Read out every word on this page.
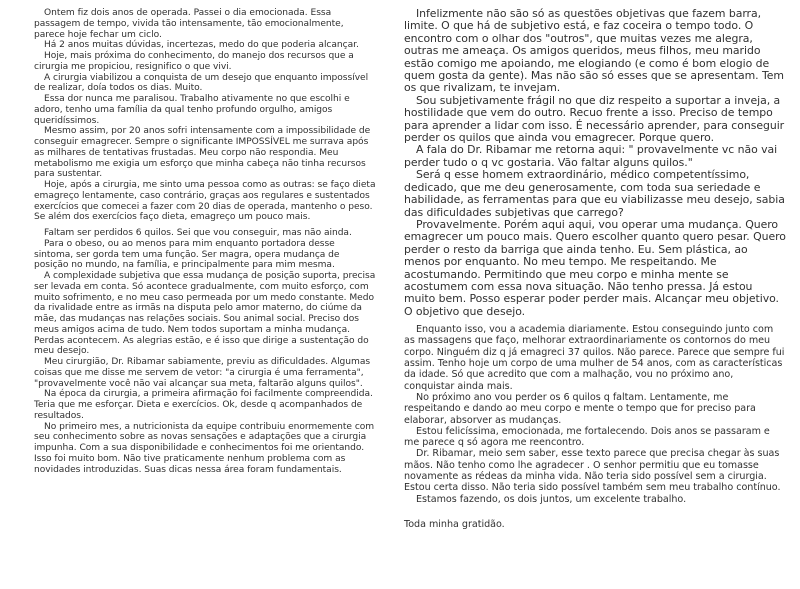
Ontem fiz dois anos de operada. Passei o dia emocionada. Essa passagem de tempo, vivida tão intensamente, tão emocionalmente, parece hoje fechar um ciclo.

Há 2 anos muitas dúvidas, incertezas, medo do que poderia alcançar.

Hoje, mais próxima do conhecimento, do manejo dos recursos que a cirurgia me propiciou, resignifico o que vivi.

A cirurgia viabilizou a conquista de um desejo que enquanto impossível de realizar, doía todos os dias. Muito.

Essa dor nunca me paralisou. Trabalho ativamente no que escolhi e adoro, tenho uma família da qual tenho profundo orgulho, amigos queridíssimos.

Mesmo assim, por 20 anos sofri intensamente com a impossibilidade de conseguir emagrecer. Sempre o significante IMPOSSÍVEL me surrava após as milhares de tentativas frustadas. Meu corpo não respondia. Meu metabolismo me exigia um esforço que minha cabeça não tinha recursos para sustentar.

Hoje, após a cirurgia, me sinto uma pessoa como as outras: se faço dieta emagreço lentamente, caso contrário, graças aos regulares e sustentados exercícios que comecei a fazer com 20 dias de operada, mantenho o peso. Se além dos exercícios faço dieta, emagreço um pouco mais.

Faltam ser perdidos 6 quilos. Sei que vou conseguir, mas não ainda.

Para o obeso, ou ao menos para mim enquanto portadora desse sintoma, ser gorda tem uma função. Ser magra, opera mudança de posição no mundo, na família, e principalmente para mim mesma.

A complexidade subjetiva que essa mudança de posição suporta, precisa ser levada em conta. Só acontece gradualmente, com muito esforço, com muito sofrimento, e no meu caso permeada por um medo constante. Medo da rivalidade entre as irmãs na disputa pelo amor materno, do ciúme da mãe, das mudanças nas relações sociais. Sou animal social. Preciso dos meus amigos acima de tudo. Nem todos suportam a minha mudança. Perdas acontecem. As alegrias estão, e é isso que dirige a sustentação do meu desejo.

Meu cirurgião, Dr. Ribamar sabiamente, previu as dificuldades. Algumas coisas que me disse me servem de vetor: "a cirurgia é uma ferramenta", "provavelmente você não vai alcançar sua meta, faltarão alguns quilos".

Na época da cirurgia, a primeira afirmação foi facilmente compreendida. Teria que me esforçar. Dieta e exercícios. Ok, desde q acompanhados de resultados.

No primeiro mes, a nutricionista da equipe contribuiu enormemente com seu conhecimento sobre as novas sensações e adaptações que a cirurgia impunha. Com a sua disponibilidade e conhecimentos foi me orientando. Isso foi muito bom. Não tive praticamente nenhum problema com as novidades introduzidas. Suas dicas nessa área foram fundamentais.

Infelizmente não são só as questões objetivas que fazem barra, limite. O que há de subjetivo está, e faz coceira o tempo todo. O encontro com o olhar dos "outros", que muitas vezes me alegra, outras me ameaça. Os amigos queridos, meus filhos, meu marido estão comigo me apoiando, me elogiando (e como é bom elogio de quem gosta da gente). Mas não são só esses que se apresentam. Tem os que rivalizam, te invejam.

Sou subjetivamente frágil no que diz respeito a suportar a inveja, a hostilidade que vem do outro. Recuo frente a isso. Preciso de tempo para aprender a lidar com isso. É necessário aprender, para conseguir perder os quilos que ainda vou emagrecer. Porque quero.

A fala do Dr. Ribamar me retorna aqui: " provavelmente vc não vai perder tudo o q vc gostaria. Vão faltar alguns quilos."

Será q esse homem extraordinário, médico competentíssimo, dedicado, que me deu generosamente, com toda sua seriedade e habilidade, as ferramentas para que eu viabilizasse meu desejo, sabia das dificuldades subjetivas que carrego?

Provavelmente. Porém aqui aqui, vou operar uma mudança. Quero emagrecer um pouco mais. Quero escolher quanto quero pesar. Quero perder o resto da barriga que ainda tenho. Eu. Sem plástica, ao menos por enquanto. No meu tempo. Me respeitando. Me acostumando. Permitindo que meu corpo e minha mente se acostumem com essa nova situação. Não tenho pressa. Já estou muito bem. Posso esperar poder perder mais. Alcançar meu objetivo. O objetivo que desejo.

Enquanto isso, vou a academia diariamente. Estou conseguindo junto com as massagens que faço, melhorar extraordinariamente os contornos do meu corpo. Ninguém diz q já emagreci 37 quilos. Não parece. Parece que sempre fui assim. Tenho hoje um corpo de uma mulher de 54 anos, com as características da idade. Só que acredito que com a malhação, vou no próximo ano, conquistar ainda mais.

No próximo ano vou perder os 6 quilos q faltam. Lentamente, me respeitando e dando ao meu corpo e mente o tempo que for preciso para elaborar, absorver as mudanças.

Estou felicíssima, emocionada, me fortalecendo. Dois anos se passaram e me parece q só agora me reencontro.

Dr. Ribamar, meio sem saber, esse texto parece que precisa chegar às suas mãos. Não tenho como lhe agradecer . O senhor permitiu que eu tomasse novamente as rédeas da minha vida. Não teria sido possível sem a cirurgia. Estou certa disso. Não teria sido possível também sem meu trabalho contínuo.

Estamos fazendo, os dois juntos, um excelente trabalho.

Toda minha gratidão.
